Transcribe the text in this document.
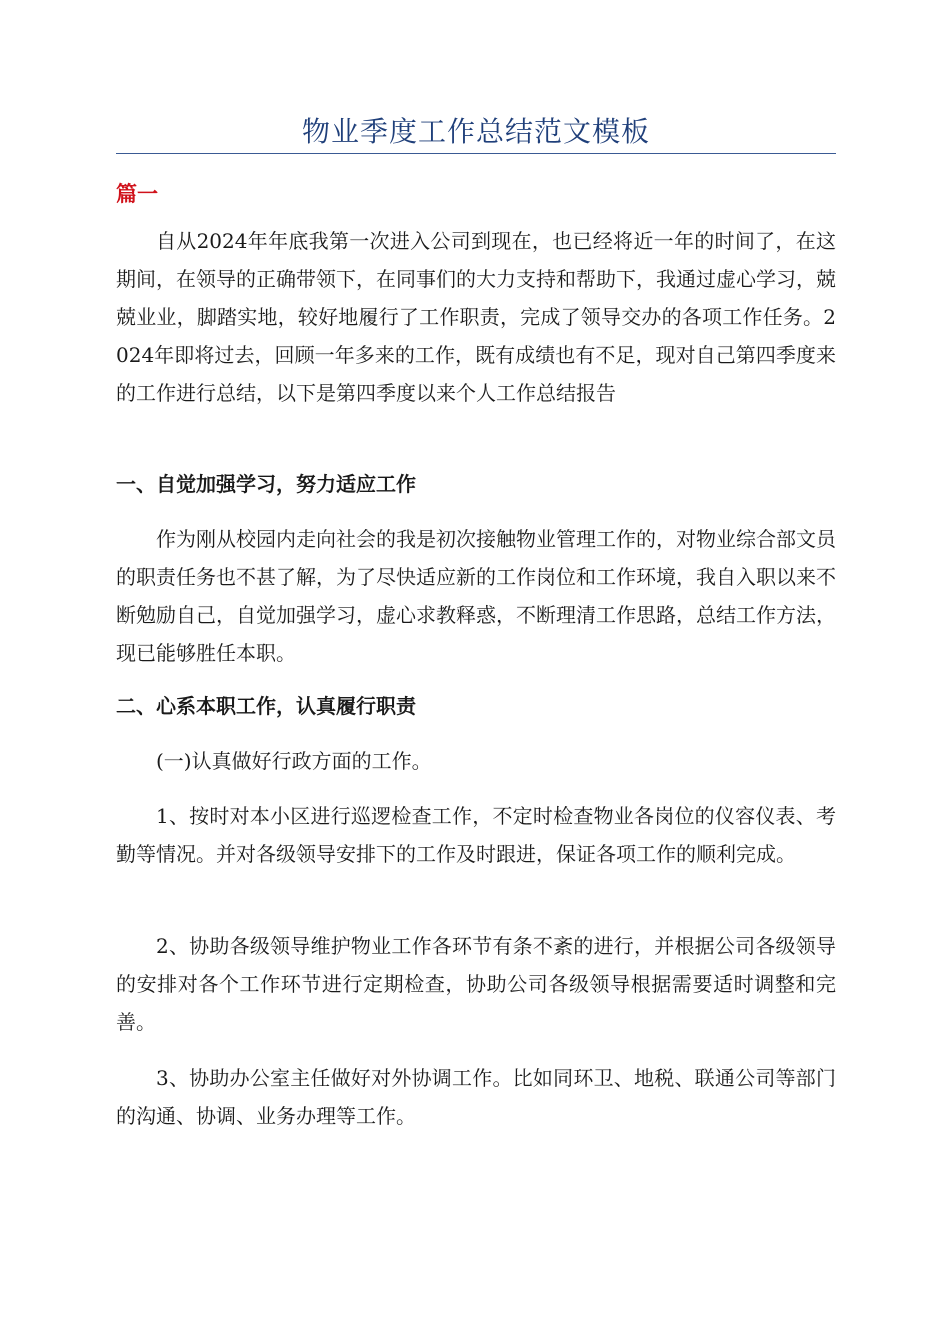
物业季度工作总结范文模板
篇一

自从2024年年底我第一次进入公司到现在，也已经将近一年的时间了，在这期间，在领导的正确带领下，在同事们的大力支持和帮助下，我通过虚心学习，兢兢业业，脚踏实地，较好地履行了工作职责，完成了领导交办的各项工作任务。2024年即将过去，回顾一年多来的工作，既有成绩也有不足，现对自己第四季度来的工作进行总结，以下是第四季度以来个人工作总结报告

一、自觉加强学习，努力适应工作

作为刚从校园内走向社会的我是初次接触物业管理工作的，对物业综合部文员的职责任务也不甚了解，为了尽快适应新的工作岗位和工作环境，我自入职以来不断勉励自己，自觉加强学习，虚心求教释惑，不断理清工作思路，总结工作方法，现已能够胜任本职。

二、心系本职工作，认真履行职责

(一)认真做好行政方面的工作。

1、按时对本小区进行巡逻检查工作，不定时检查物业各岗位的仪容仪表、考勤等情况。并对各级领导安排下的工作及时跟进，保证各项工作的顺利完成。

2、协助各级领导维护物业工作各环节有条不紊的进行，并根据公司各级领导的安排对各个工作环节进行定期检查，协助公司各级领导根据需要适时调整和完善。

3、协助办公室主任做好对外协调工作。比如同环卫、地税、联通公司等部门的沟通、协调、业务办理等工作。
